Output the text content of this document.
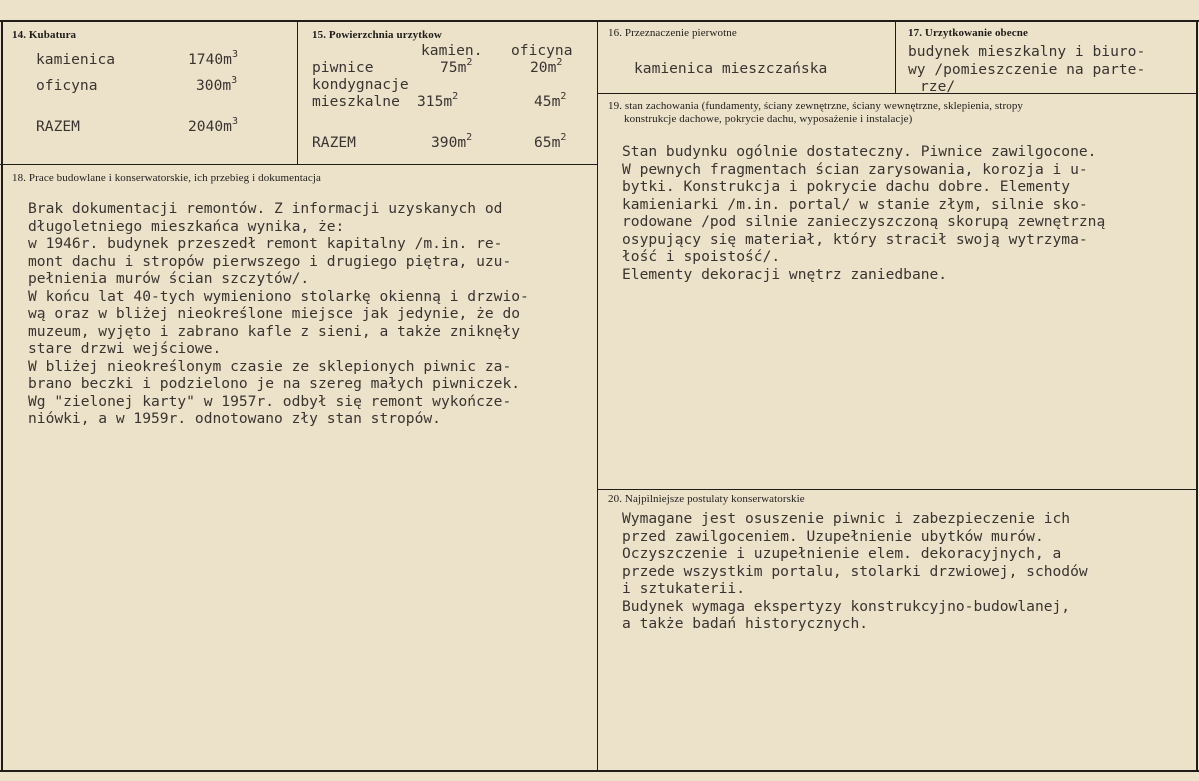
14. Kubatura
kamienica	$1740m^3$
oficyna	$300m^3$
RAZEM	$2040m^3$
15. Powierzchnia urzytkow
kamien. oficyna
piwnice	$75m^2$	$20m^2$
kondygnacje
mieszkalne $315m^2$	$45m^2$
RAZEM	$390m^2$	$65m^2$
16. Przeznaczenie pierwotne
kamienica mieszczańska
17. Urzytkowanie obecne
budynek mieszkalny i biuro-
wy /pomieszczenie na parte-
rze/
18. Prace budowlane i konserwatorskie, ich przebieg i dokumentacja
Brak dokumentacji remontów. Z informacji uzyskanych od
długoletniego mieszkańca wynika, że:
w 1946r. budynek przeszedł remont kapitalny /m.in. re-
mont dachu i stropów pierwszego i drugiego piętra, uzu-
pełnienia murów ścian szczytów/.
W końcu lat 40-tych wymieniono stolarkę okienną i drzwio-
wą oraz w bliżej nieokreślone miejsce jak jedynie, że do
muzeum, wyjęto i zabrano kafle z sieni, a także zniknęły
stare drzwi wejściowe.
W bliżej nieokreślonym czasie ze sklepionych piwnic za-
brano beczki i podzielono je na szereg małych piwniczek.
Wg "zielonej karty" w 1957r. odbył się remont wykończe-
niówki, a w 1959r. odnotowano zły stan stropów.
19. stan zachowania (fundamenty, ściany zewnętrzne, ściany wewnętrzne, sklepienia, stropy
konstrukcje dachowe, pokrycie dachu, wyposażenie i instalacje)
Stan budynku ogólnie dostateczny. Piwnice zawilgocone.
W pewnych fragmentach ścian zarysowania, korozja i u-
bytki. Konstrukcja i pokrycie dachu dobre. Elementy
kamieniarki /m.in. portal/ w stanie złym, silnie sko-
rodowane /pod silnie zanieczyszczoną skorupą zewnętrzną
osypujący się materiał, który stracił swoją wytrzyma-
łość i spoistość/.
Elementy dekoracji wnętrz zaniedbane.
20. Najpilniejsze postulaty konserwatorskie
Wymagane jest osuszenie piwnic i zabezpieczenie ich
przed zawilgoceniem. Uzupełnienie ubytków murów.
Oczyszczenie i uzupełnienie elem. dekoracyjnych, a
przede wszystkim portalu, stolarki drzwiowej, schodów
i sztukaterii.
Budynek wymaga ekspertyzy konstrukcyjno-budowlanej,
a także badań historycznych.
